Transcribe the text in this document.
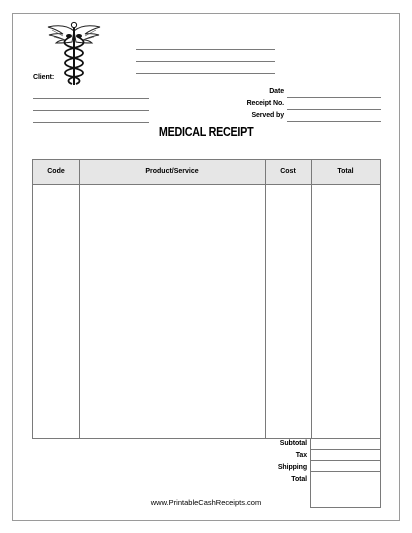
Client:
Date
Receipt No.
Served by
MEDICAL RECEIPT
Code	Product/Service	Cost	Total
Subtotal
Tax
Shipping
Total
www.PrintableCashReceipts.com
